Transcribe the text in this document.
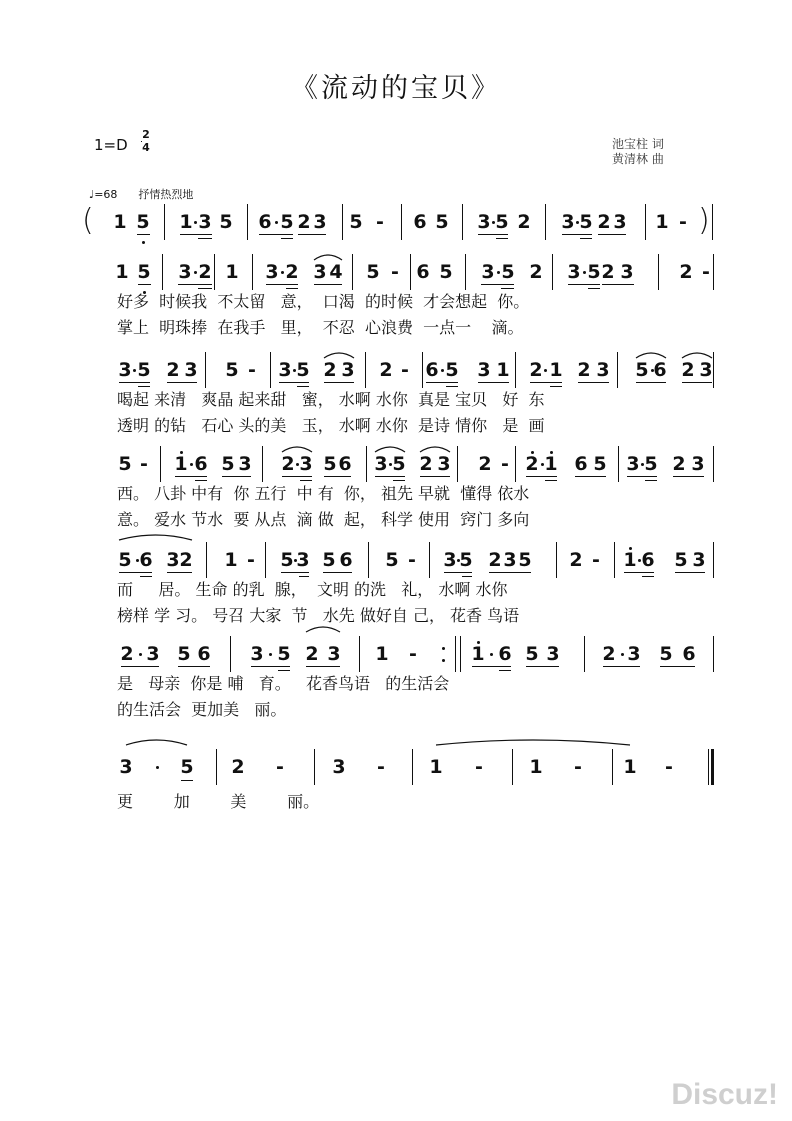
《流动的宝贝》
1=D
2
4	池宝柱 词
黄清林 曲
♩=68 抒情热烈地
(	)
1 5 1 3 5 6 5 2 3 5 - 6 5 3 5 2 3 5 2 3 1 -
1 5 3 2 1 3 2 3 4 5 - 6 5 3 5 2 3 5 2 3 2 -
好多  时候我  不太留   意，  口渴  的时候  才会想起  你。
掌上  明珠捧  在我手   里，  不忍  心浪费  一点一    滴。
3 5 2 3 5 - 3 5 2 3 2 - 6 5 3 1 2 1 2 3 5 6 2 3
喝起 来清   爽晶 起来甜   蜜， 水啊 水你  真是 宝贝   好  东
透明 的钻   石心 头的美   玉， 水啊 水你  是诗 情你   是  画
5 - 1 6 5 3 2 3 5 6 3 5 2 3 2 - 2 1 6 5 3 5 2 3
西。 八卦 中有  你 五行  中 有  你， 祖先 早就  懂得 依水
意。 爱水 节水  要 从点  滴 做  起， 科学 使用  窍门 多向
5 6 3 2 1 - 5 3 5 6 5 - 3 5 2 3 5 2 - 1 6 5 3
而     居。 生命 的乳  腺，  文明 的洗   礼， 水啊 水你
榜样 学 习。 号召 大家  节   水先 做好自 己， 花香 鸟语
2 3 5 6 3 5 2 3 1 -	1 6 5 3 2 3 5 6
是   母亲  你是 哺   育。   花香鸟语   的生活会
的生活会  更加美   丽。
3	5 2 -	3 - 1 - 1 - 1 -
更        加        美        丽。
Discuz!
